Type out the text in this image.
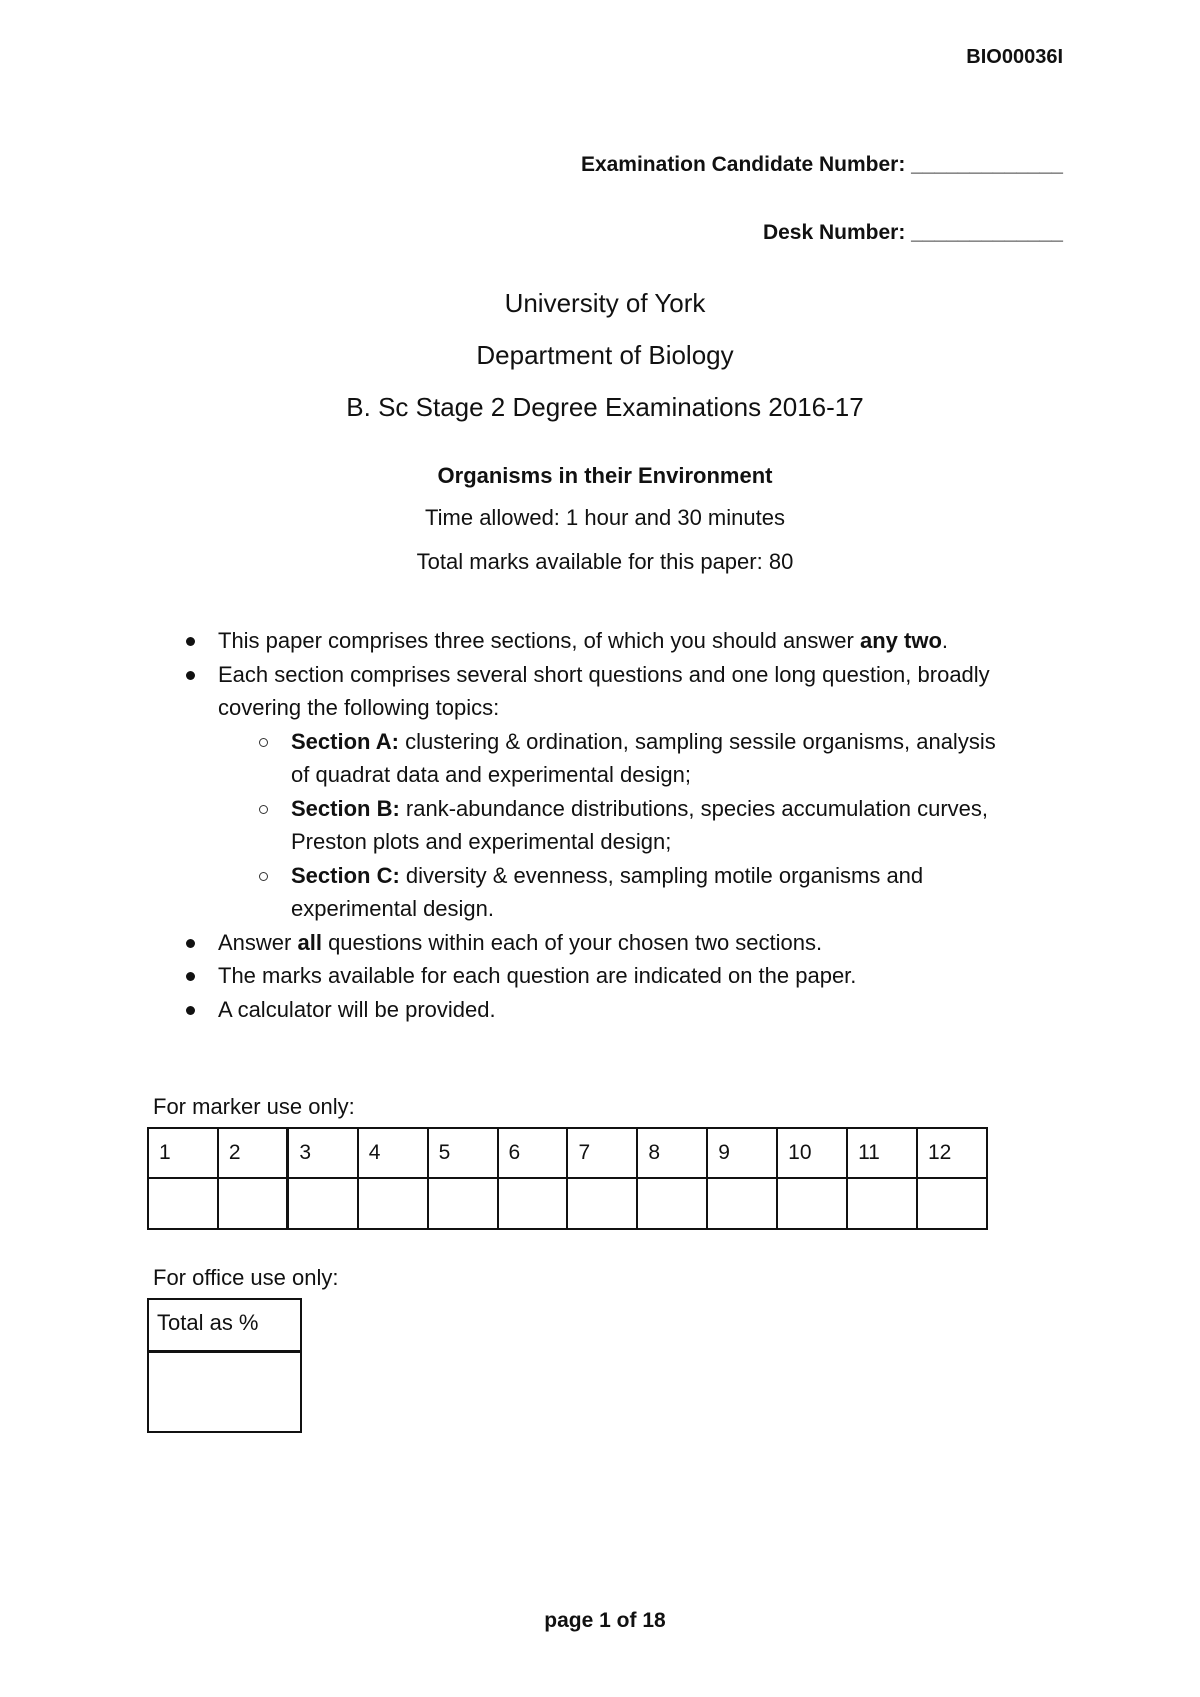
BIO00036I
Examination Candidate Number: _____________
Desk Number: _____________
University of York
Department of Biology
B. Sc Stage 2 Degree Examinations 2016-17
Organisms in their Environment
Time allowed: 1 hour and 30 minutes
Total marks available for this paper: 80
This paper comprises three sections, of which you should answer any two.
Each section comprises several short questions and one long question, broadly covering the following topics:
Section A: clustering & ordination, sampling sessile organisms, analysis of quadrat data and experimental design;
Section B: rank-abundance distributions, species accumulation curves, Preston plots and experimental design;
Section C: diversity & evenness, sampling motile organisms and experimental design.
Answer all questions within each of your chosen two sections.
The marks available for each question are indicated on the paper.
A calculator will be provided.
For marker use only:
1	2	3	4	5	6	7	8	9	10	11	12

For office use only:
Total as %

page 1 of 18
